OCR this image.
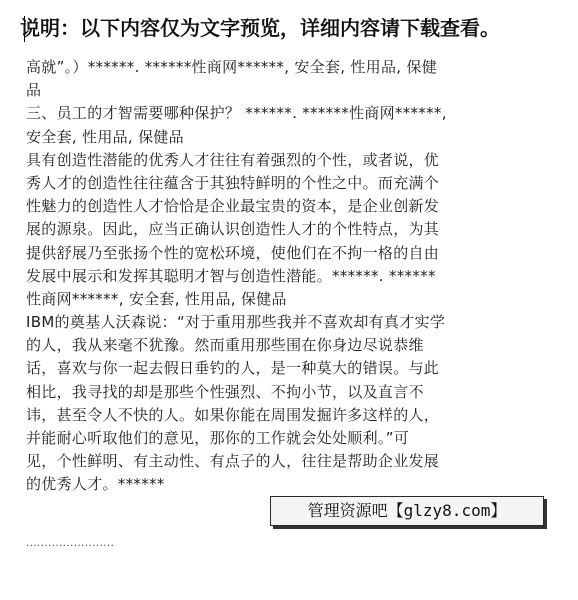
说明：以下内容仅为文字预览，详细内容请下载查看。
高就”。）******. ******性商网******, 安全套, 性用品, 保健
品
三、员工的才智需要哪种保护？ ******. ******性商网******,
安全套, 性用品, 保健品
具有创造性潜能的优秀人才往往有着强烈的个性，或者说，优
秀人才的创造性往往蕴含于其独特鲜明的个性之中。而充满个
性魅力的创造性人才恰恰是企业最宝贵的资本，是企业创新发
展的源泉。因此，应当正确认识创造性人才的个性特点，为其
提供舒展乃至张扬个性的宽松环境，使他们在不拘一格的自由
发展中展示和发挥其聪明才智与创造性潜能。******. ******
性商网******, 安全套, 性用品, 保健品
IBM的奠基人沃森说：“对于重用那些我并不喜欢却有真才实学
的人，我从来毫不犹豫。然而重用那些围在你身边尽说恭维
话，喜欢与你一起去假日垂钓的人，是一种莫大的错误。与此
相比，我寻找的却是那些个性强烈、不拘小节，以及直言不
讳，甚至令人不快的人。如果你能在周围发掘许多这样的人，
并能耐心听取他们的意见，那你的工作就会处处顺利。”可
见，个性鲜明、有主动性、有点子的人，往往是帮助企业发展
的优秀人才。******
管理资源吧【glzy8.com】
........................
